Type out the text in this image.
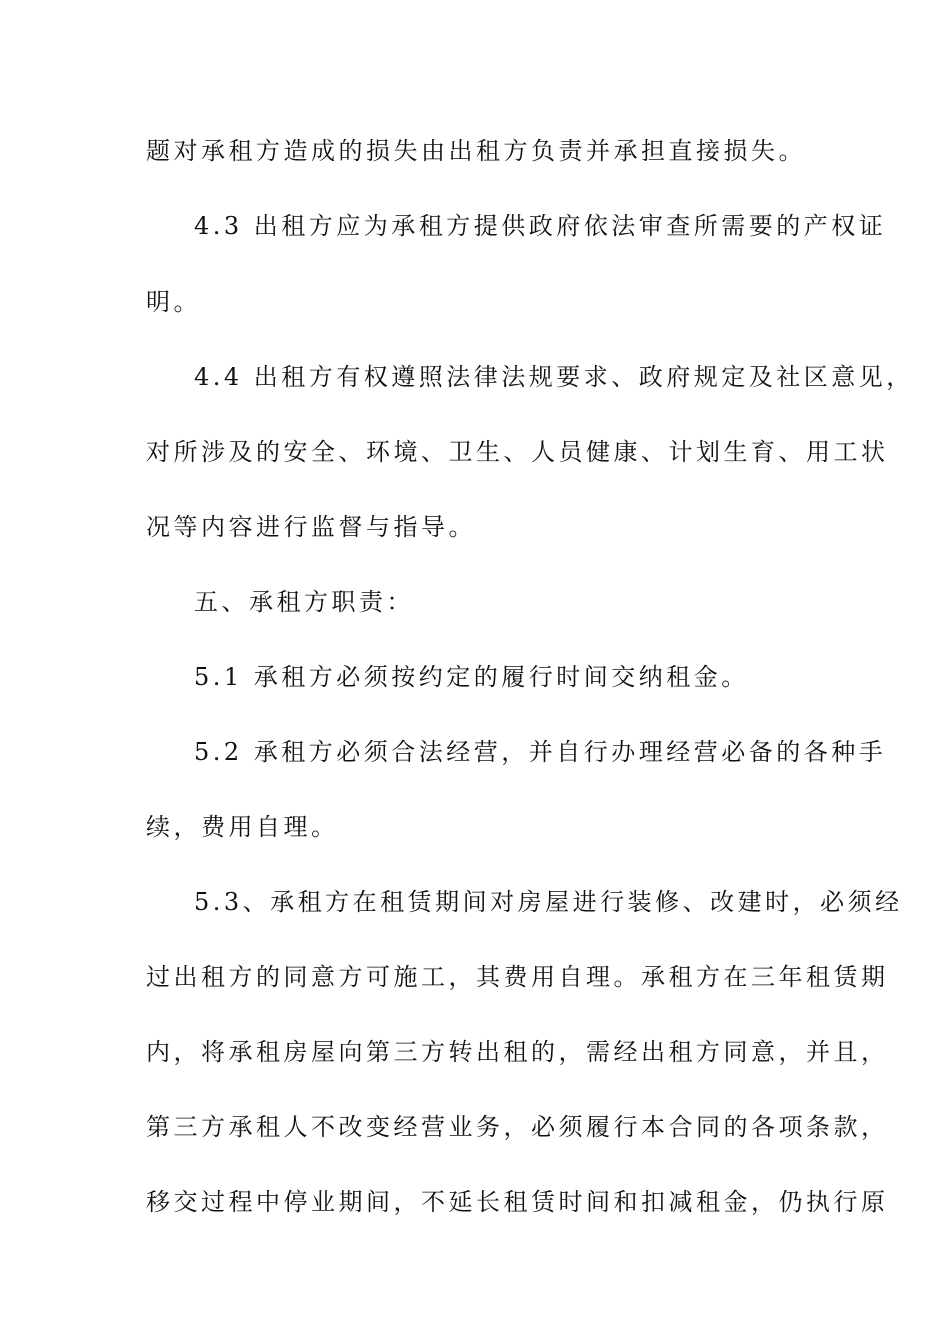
题对承租方造成的损失由出租方负责并承担直接损失。
4.3 出租方应为承租方提供政府依法审查所需要的产权证
明。
4.4 出租方有权遵照法律法规要求、政府规定及社区意见，
对所涉及的安全、环境、卫生、人员健康、计划生育、用工状
况等内容进行监督与指导。
五、承租方职责：
5.1 承租方必须按约定的履行时间交纳租金。
5.2 承租方必须合法经营，并自行办理经营必备的各种手
续，费用自理。
5.3、承租方在租赁期间对房屋进行装修、改建时，必须经
过出租方的同意方可施工，其费用自理。承租方在三年租赁期
内，将承租房屋向第三方转出租的，需经出租方同意，并且，
第三方承租人不改变经营业务，必须履行本合同的各项条款，
移交过程中停业期间，不延长租赁时间和扣减租金，仍执行原
